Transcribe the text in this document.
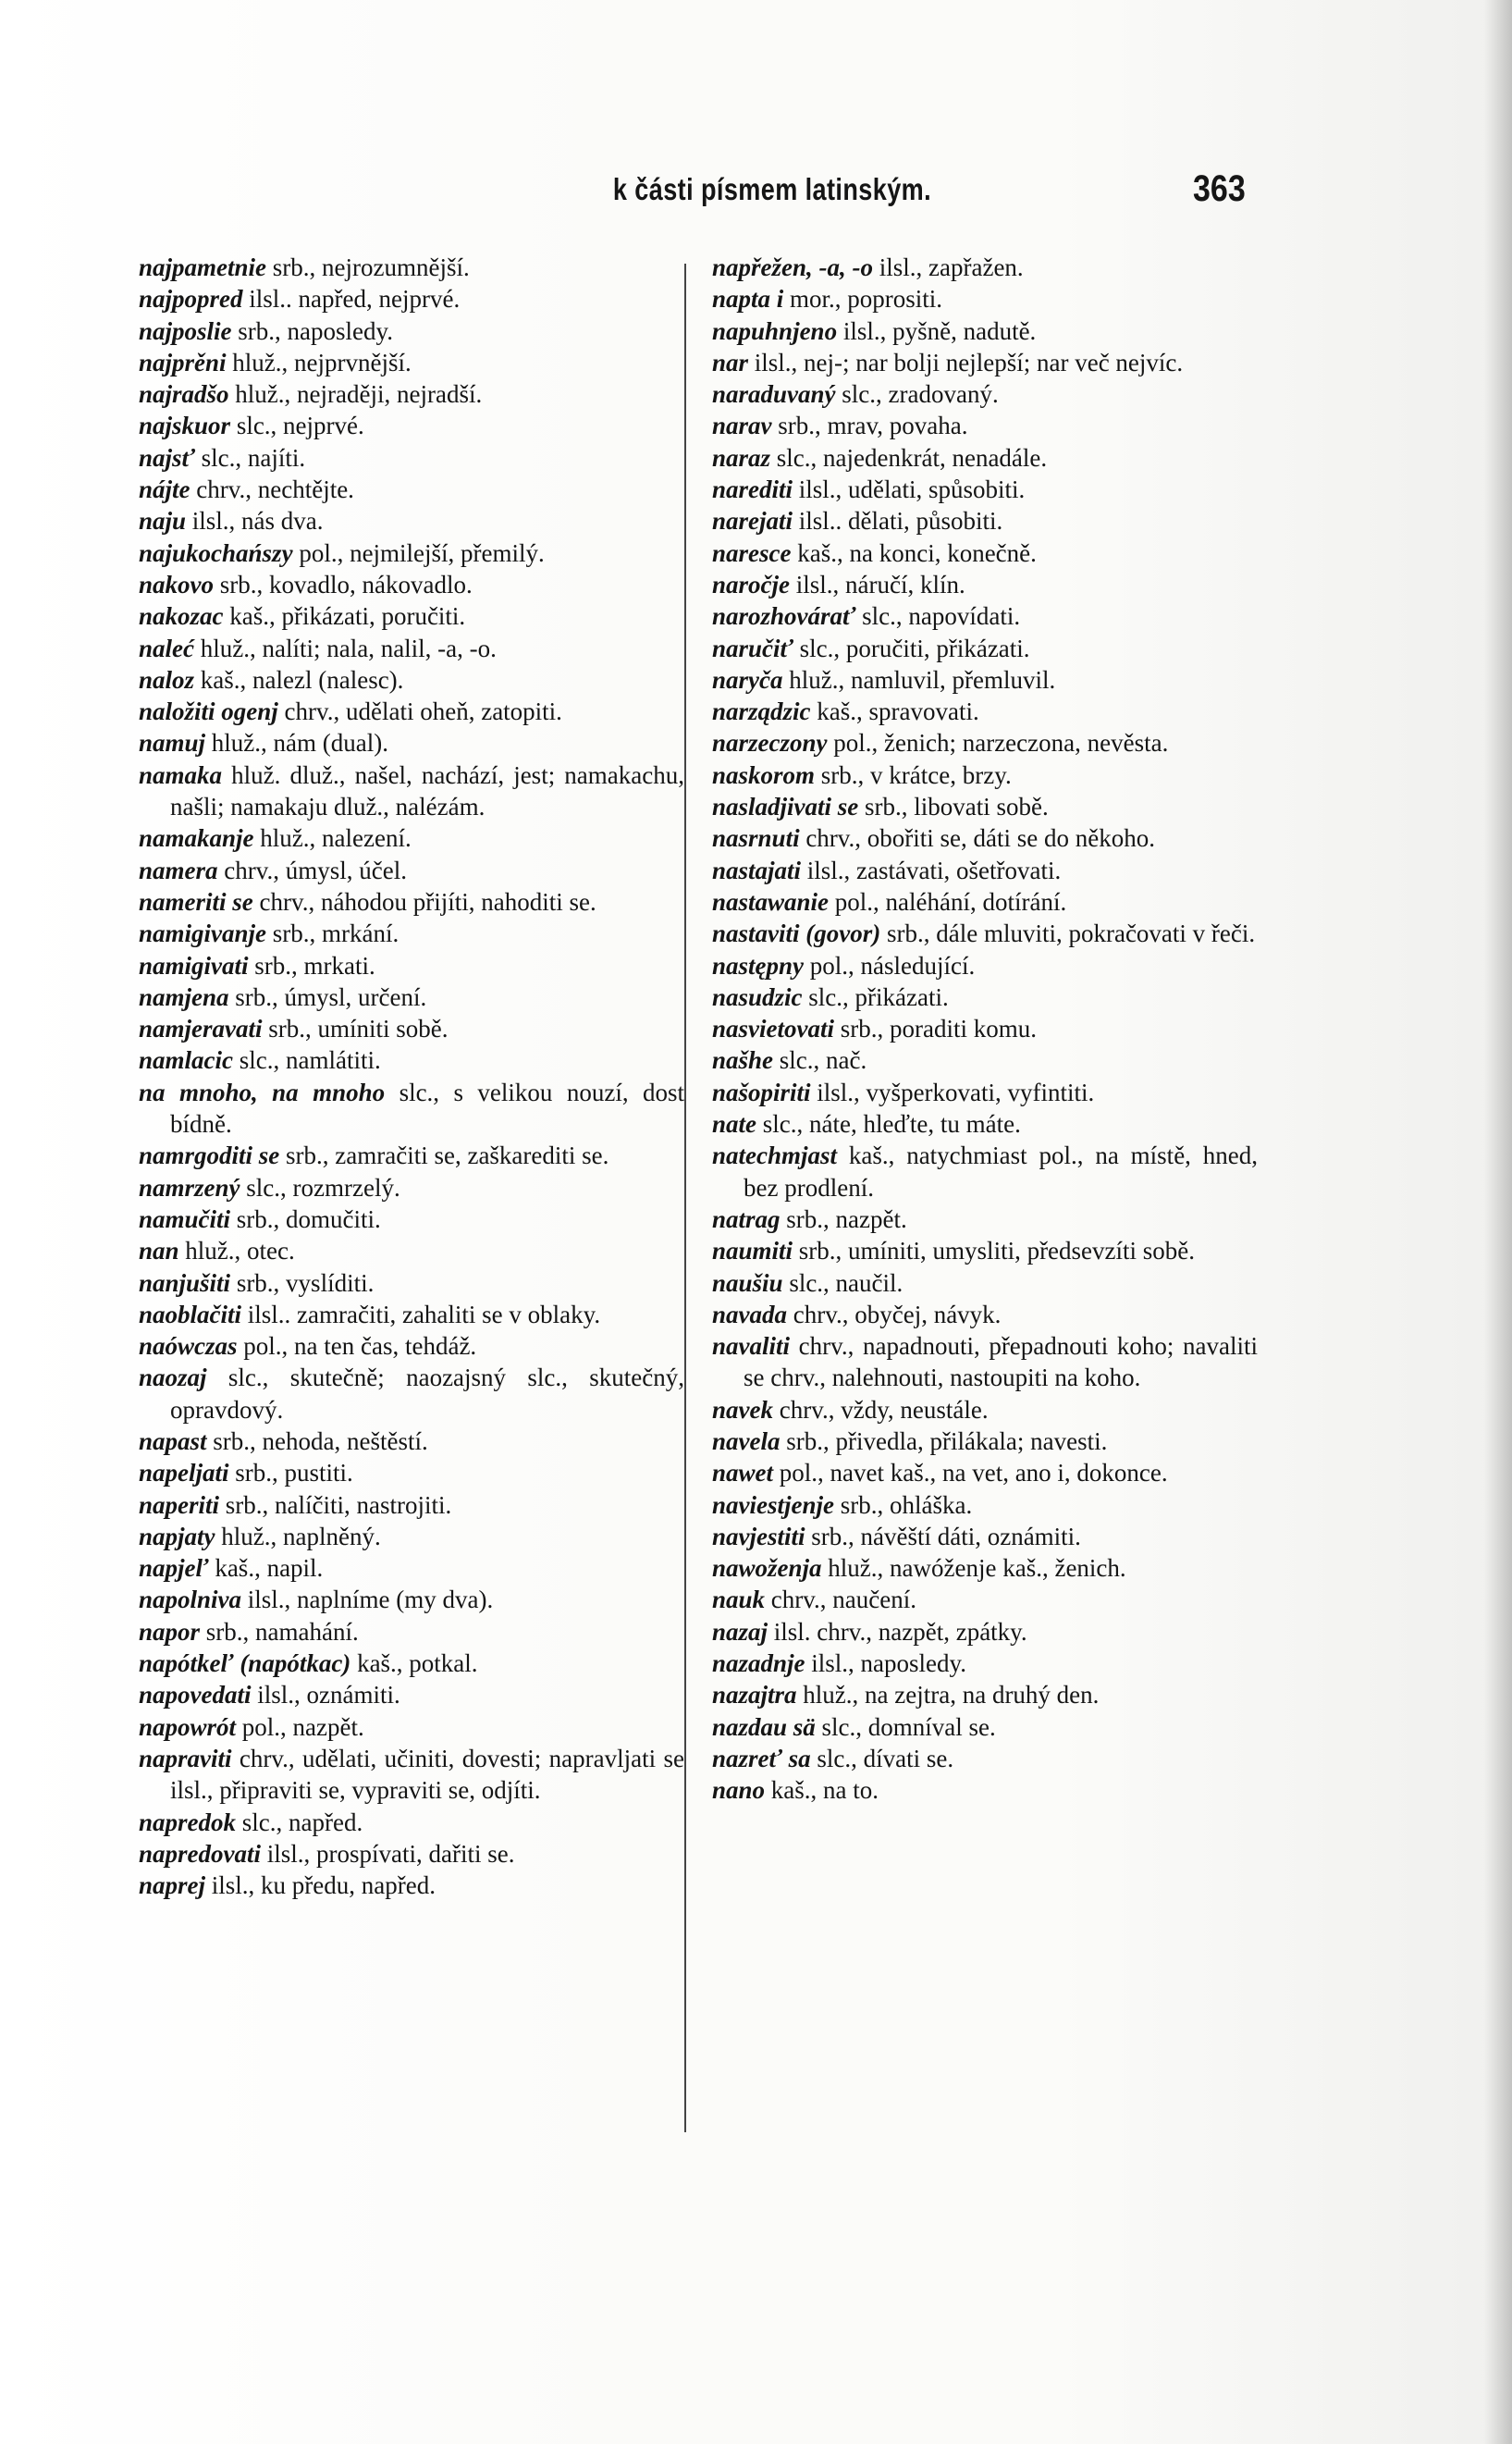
k části písmem latinským.	363

najpametnie srb., nejrozumnější.

najpopred ilsl.. napřed, nejprvé.

najposlie srb., naposledy.

najprěni hluž., nejprvnější.

najradšo hluž., nejraději, nejradší.

najskuor slc., nejprvé.

najsť slc., najíti.

nájte chrv., nechtějte.

naju ilsl., nás dva.

najukochańszy pol., nejmilejší, přemilý.

nakovo srb., kovadlo, nákovadlo.

nakozac kaš., přikázati, poručiti.

naleć hluž., nalíti; nala, nalil, -a, -o.

naloz kaš., nalezl (nalesc).

naložiti ogenj chrv., udělati oheň, zatopiti.

namuj hluž., nám (dual).

namaka hluž. dluž., našel, nachází, jest; namakachu, našli; namakaju dluž., nalézám.

namakanje hluž., nalezení.

namera chrv., úmysl, účel.

nameriti se chrv., náhodou přijíti, nahoditi se.

namigivanje srb., mrkání.

namigivati srb., mrkati.

namjena srb., úmysl, určení.

namjeravati srb., umíniti sobě.

namlacic slc., namlátiti.

na mnoho, na mnoho slc., s velikou nouzí, dost bídně.

namrgoditi se srb., zamračiti se, zaškarediti se.

namrzený slc., rozmrzelý.

namučiti srb., domučiti.

nan hluž., otec.

nanjušiti srb., vyslíditi.

naoblačiti ilsl.. zamračiti, zahaliti se v oblaky.

naówczas pol., na ten čas, tehdáž.

naozaj slc., skutečně; naozajsný slc., skutečný, opravdový.

napast srb., nehoda, neštěstí.

napeljati srb., pustiti.

naperiti srb., nalíčiti, nastrojiti.

napjaty hluž., naplněný.

napjeľ kaš., napil.

napolniva ilsl., naplníme (my dva).

napor srb., namahání.

napótkeľ (napótkac) kaš., potkal.

napovedati ilsl., oznámiti.

napowrót pol., nazpět.

napraviti chrv., udělati, učiniti, dovesti; napravljati se ilsl., připraviti se, vypraviti se, odjíti.

napredok slc., napřed.

napredovati ilsl., prospívati, dařiti se.

naprej ilsl., ku předu, napřed.

napřežen, -a, -o ilsl., zapřažen.

napta i mor., poprositi.

napuhnjeno ilsl., pyšně, nadutě.

nar ilsl., nej-; nar bolji nejlepší; nar več nejvíc.

naraduvaný slc., zradovaný.

narav srb., mrav, povaha.

naraz slc., najedenkrát, nenadále.

narediti ilsl., udělati, spůsobiti.

narejati ilsl.. dělati, působiti.

naresce kaš., na konci, konečně.

naročje ilsl., náručí, klín.

narozhovárať slc., napovídati.

naručiť slc., poručiti, přikázati.

naryča hluž., namluvil, přemluvil.

narządzic kaš., spravovati.

narzeczony pol., ženich; narzeczona, nevěsta.

naskorom srb., v krátce, brzy.

nasladjivati se srb., libovati sobě.

nasrnuti chrv., obořiti se, dáti se do někoho.

nastajati ilsl., zastávati, ošetřovati.

nastawanie pol., naléhání, dotírání.

nastaviti (govor) srb., dále mluviti, pokračovati v řeči.

następny pol., následující.

nasudzic slc., přikázati.

nasvietovati srb., poraditi komu.

našhe slc., nač.

našopiriti ilsl., vyšperkovati, vyfintiti.

nate slc., náte, hleďte, tu máte.

natechmjast kaš., natychmiast pol., na místě, hned, bez prodlení.

natrag srb., nazpět.

naumiti srb., umíniti, umysliti, předsevzíti sobě.

naušiu slc., naučil.

navada chrv., obyčej, návyk.

navaliti chrv., napadnouti, přepadnouti koho; navaliti se chrv., nalehnouti, nastoupiti na koho.

navek chrv., vždy, neustále.

navela srb., přivedla, přilákala; navesti.

nawet pol., navet kaš., na vet, ano i, dokonce.

naviestjenje srb., ohláška.

navjestiti srb., návěští dáti, oznámiti.

nawoženja hluž., nawóženje kaš., ženich.

nauk chrv., naučení.

nazaj ilsl. chrv., nazpět, zpátky.

nazadnje ilsl., naposledy.

nazajtra hluž., na zejtra, na druhý den.

nazdau sä slc., domníval se.

nazreť sa slc., dívati se.

nano kaš., na to.
